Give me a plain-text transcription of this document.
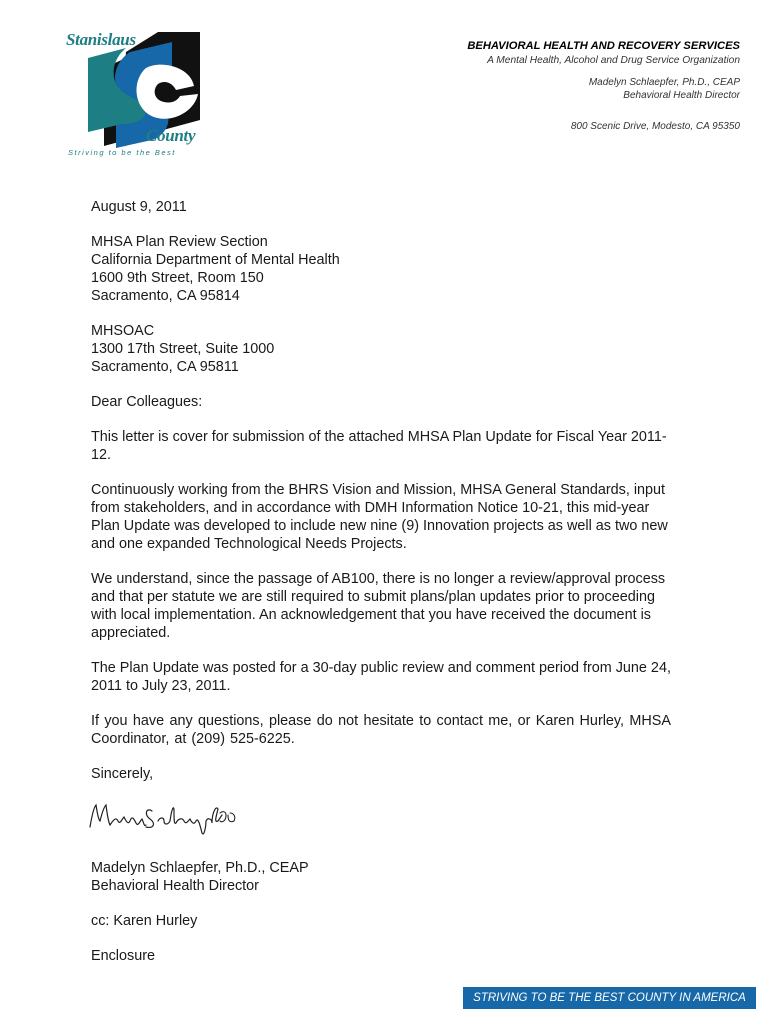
Stanislaus
County
Striving to be the Best
BEHAVIORAL HEALTH AND RECOVERY SERVICES
A Mental Health, Alcohol and Drug Service Organization
Madelyn Schlaepfer, Ph.D., CEAP
Behavioral Health Director
800 Scenic Drive, Modesto, CA 95350

August 9, 2011

MHSA Plan Review Section
California Department of Mental Health
1600 9th Street, Room 150
Sacramento, CA 95814
MHSOAC
1300 17th Street, Suite 1000
Sacramento, CA 95811

Dear Colleagues:

This letter is cover for submission of the attached MHSA Plan Update for Fiscal Year 2011-12.

Continuously working from the BHRS Vision and Mission, MHSA General Standards, input from stakeholders, and in accordance with DMH Information Notice 10-21, this mid-year Plan Update was developed to include new nine (9) Innovation projects as well as two new and one expanded Technological Needs Projects.

We understand, since the passage of AB100, there is no longer a review/approval process and that per statute we are still required to submit plans/plan updates prior to proceeding with local implementation. An acknowledgement that you have received the document is appreciated.

The Plan Update was posted for a 30-day public review and comment period from June 24, 2011 to July 23, 2011.

If you have any questions, please do not hesitate to contact me, or Karen Hurley, MHSA Coordinator, at (209) 525-6225.

Sincerely,

Madelyn Schlaepfer, Ph.D., CEAP
Behavioral Health Director

cc: Karen Hurley

Enclosure

STRIVING TO BE THE BEST COUNTY IN AMERICA
